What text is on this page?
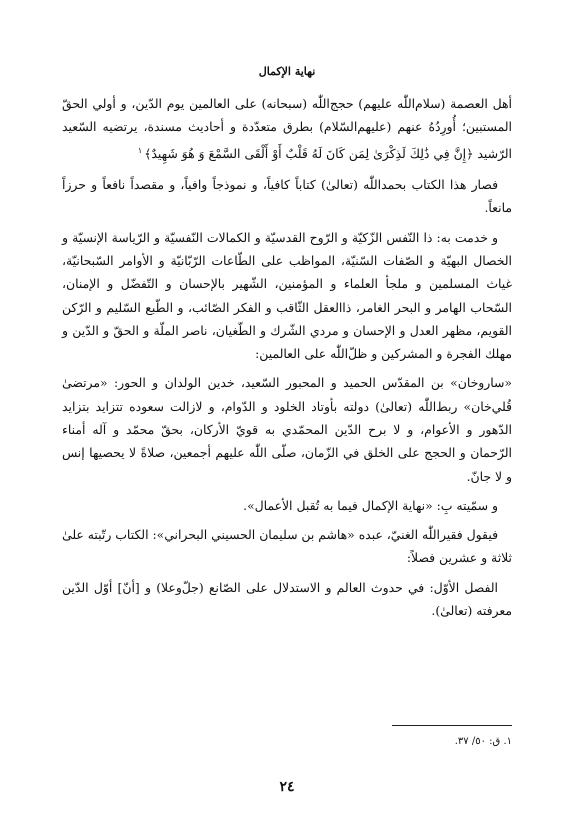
نهاية الإكمال

أهل العصمة (سلام‌اللّٰه عليهم) حجج‌اللّٰه (سبحانه) على العالمين يوم الدّين، و أولي الحقّ المستبين؛ أُورِدُهُ عنهم (عليهم‌السّلام) بطرق متعدّدة و أحاديث مسندة، يرتضيه السّعيد الرّشيد ﴿إِنَّ فِي ذَٰلِكَ لَذِكْرَىٰ لِمَن كَانَ لَهُ قَلْبٌ أَوْ أَلْقَى السَّمْعَ وَ هُوَ شَهِيدٌ﴾$^١$

فصار هذا الكتاب بحمداللّٰه (تعالىٰ) كتاباً كافياً، و نموذجاً وافياً، و مقصداً نافعاً و حرزاً مانعاً.

و خدمت به: ذا النّفس الزّكيّة و الرّوح القدسيّة و الكمالات النّفسيّة و الرّياسة الإنسيّة و الخصال البهيّة و الصّفات السّنيّة، المواظب على الطّاعات الرّبّانيّة و الأوامر السّبحانيّة، غياث المسلمين و ملجأ العلماء و المؤمنين، الشّهير بالإحسان و التّفضّل و الإمنان، السّحاب الهامر و البحر الغامر، ذاالعقل الثّاقب و الفكر الصّائب، و الطّبع السّليم و الرّكن القويم، مظهر العدل و الإحسان و مردي الشّرك و الطّغيان، ناصر الملّة و الحقّ و الدّين و مهلك الفجرة و المشركين و ظلّ‌اللّٰه على العالمين:

«ساروخان» بن المقدّس الحميد و المحبور السّعيد، خدين الولدان و الحور: «مرتضىٰ قُلي‌خان» ربط‌اللّٰه (تعالىٰ) دولته بأوتاد الخلود و الدّوام، و لازالت سعوده تتزايد بتزايد الدّهور و الأعوام، و لا برح الدّين المحمّدي به قويّ الأركان، بحقّ محمّد و آله أمناء الرّحمان و الحجج على الخلق في الزّمان، صلّى اللّٰه عليهم أجمعين، صلاةً لا يحصيها إنس و لا جانّ.

و سمّيته بِ: «نهاية الإكمال فيما به تُقبل الأعمال».

فيقول فقيراللّٰه الغنيّ، عبده «هاشم بن سليمان الحسيني البحراني»: الكتاب رتّبته علىٰ ثلاثة و عشرين فصلاً:

الفصل الأوّل: في حدوث العالم و الاستدلال على الصّانع (جلّ‌وعلا) و [أنّ] أوّل الدّين معرفته (تعالىٰ).

١. ق: ٥٠/ ٣٧.
٢٤
